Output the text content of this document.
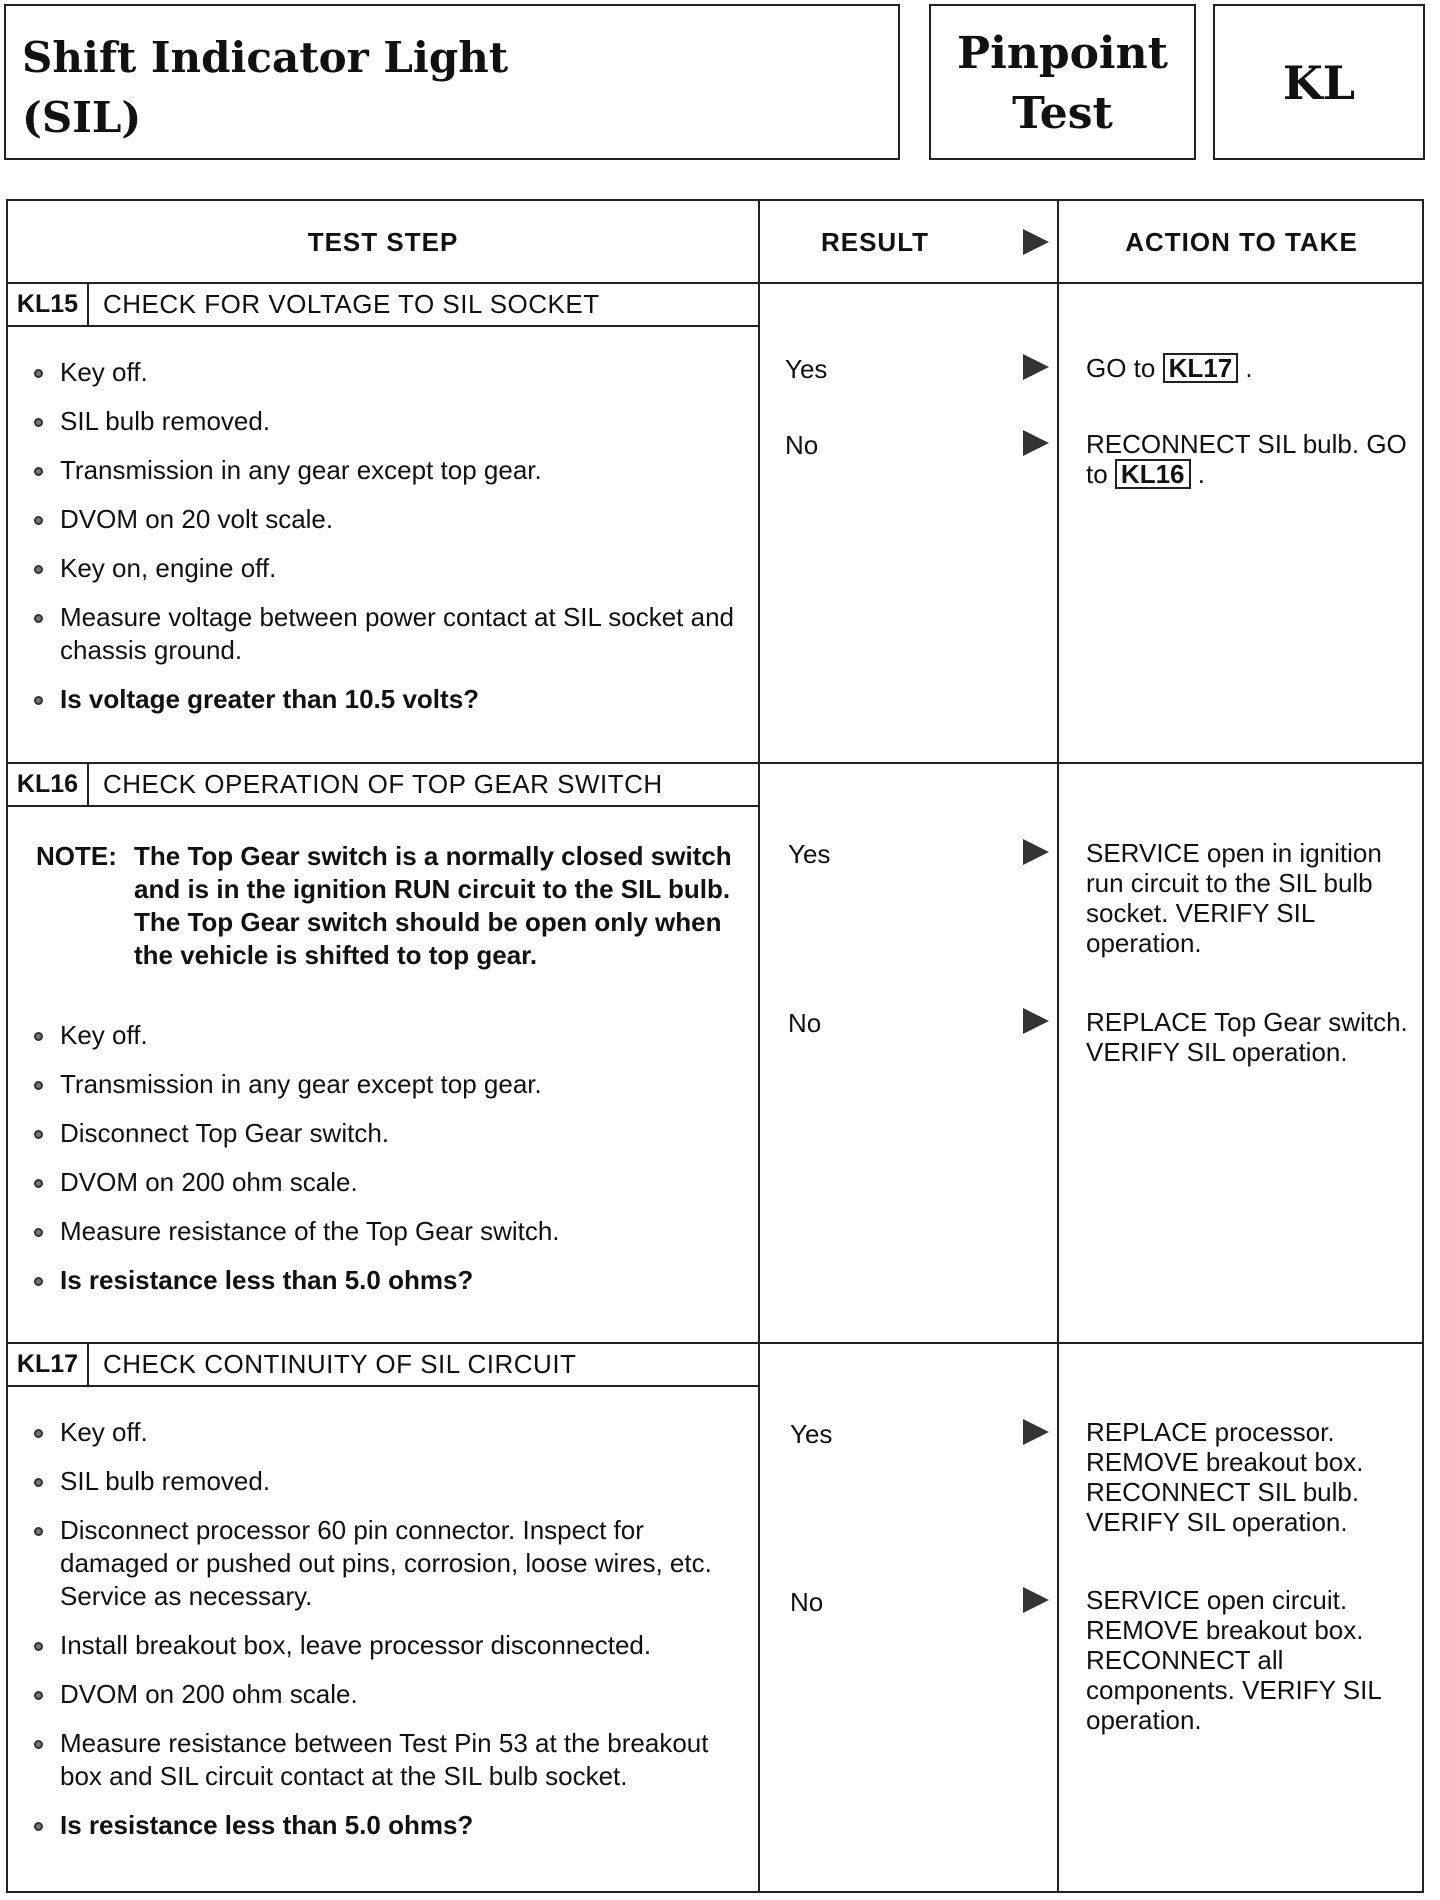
Shift Indicator Light
(SIL)
Pinpoint
Test
KL
TEST STEP	RESULT	ACTION TO TAKE
KL15 CHECK FOR VOLTAGE TO SIL SOCKET
Key off.
SIL bulb removed.
Transmission in any gear except top gear.
DVOM on 20 volt scale.
Key on, engine off.
Measure voltage between power contact at SIL socket and chassis ground.
Is voltage greater than 10.5 volts?
Yes	GO to KL17 .
No	RECONNECT SIL bulb. GO to KL16 .
KL16 CHECK OPERATION OF TOP GEAR SWITCH
NOTE: The Top Gear switch is a normally closed switch and is in the ignition RUN circuit to the SIL bulb. The Top Gear switch should be open only when the vehicle is shifted to top gear.
Key off.
Transmission in any gear except top gear.
Disconnect Top Gear switch.
DVOM on 200 ohm scale.
Measure resistance of the Top Gear switch.
Is resistance less than 5.0 ohms?
Yes	SERVICE open in ignition run circuit to the SIL bulb socket. VERIFY SIL operation.
No	REPLACE Top Gear switch. VERIFY SIL operation.
KL17 CHECK CONTINUITY OF SIL CIRCUIT
Key off.
SIL bulb removed.
Disconnect processor 60 pin connector. Inspect for damaged or pushed out pins, corrosion, loose wires, etc. Service as necessary.
Install breakout box, leave processor disconnected.
DVOM on 200 ohm scale.
Measure resistance between Test Pin 53 at the breakout box and SIL circuit contact at the SIL bulb socket.
Is resistance less than 5.0 ohms?
Yes	REPLACE processor. REMOVE breakout box. RECONNECT SIL bulb. VERIFY SIL operation.
No	SERVICE open circuit. REMOVE breakout box. RECONNECT all components. VERIFY SIL operation.
